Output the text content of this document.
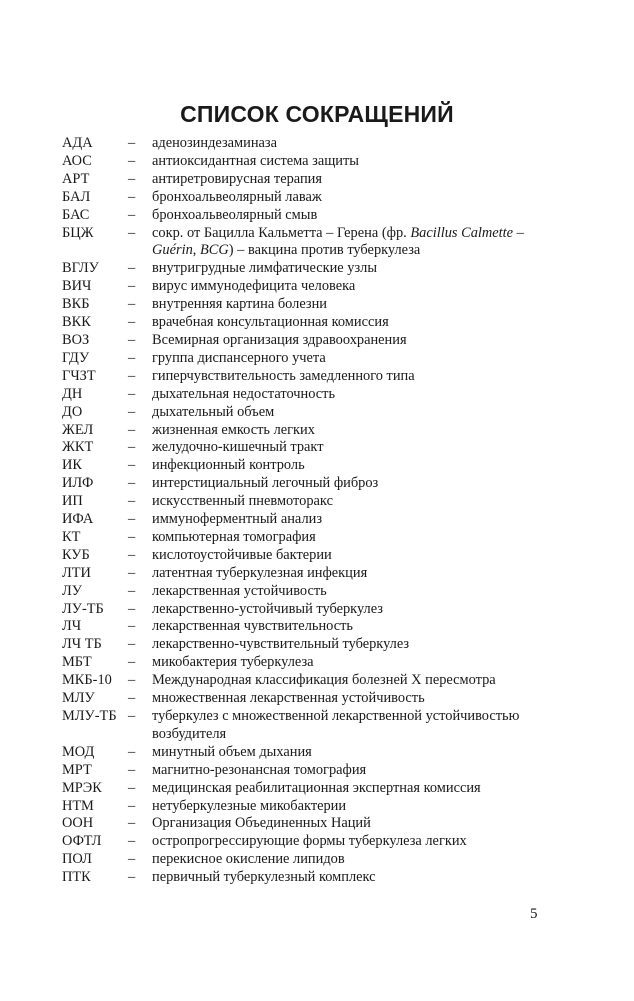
СПИСОК СОКРАЩЕНИЙ
АДА – аденозиндезаминаза
АОС	– антиоксидантная система защиты
АРТ	– антиретровирусная терапия
БАЛ	– бронхоальвеолярный лаваж
БАС	– бронхоальвеолярный смыв
БЦЖ – сокр. от Бацилла Кальметта – Герена (фр. Bacillus Calmette – Guérin, BCG) – вакцина против туберкулеза
ВГЛУ – внутригрудные лимфатические узлы
ВИЧ	– вирус иммунодефицита человека
ВКБ	– внутренняя картина болезни
ВКК	– врачебная консультационная комиссия
ВОЗ	– Всемирная организация здравоохранения
ГДУ	– группа диспансерного учета
ГЧЗТ – гиперчувствительность замедленного типа
ДН	– дыхательная недостаточность
ДО	– дыхательный объем
ЖЕЛ – жизненная емкость легких
ЖКТ – желудочно-кишечный тракт
ИК	– инфекционный контроль
ИЛФ – интерстициальный легочный фиброз
ИП	– искусственный пневмоторакс
ИФА – иммуноферментный анализ
КТ	– компьютерная томография
КУБ	– кислотоустойчивые бактерии
ЛТИ	– латентная туберкулезная инфекция
ЛУ	– лекарственная устойчивость
ЛУ-ТБ – лекарственно-устойчивый туберкулез
ЛЧ	– лекарственная чувствительность
ЛЧ ТБ – лекарственно-чувствительный туберкулез
МБТ	– микобактерия туберкулеза
МКБ-10 – Международная классификация болезней X пересмотра
МЛУ – множественная лекарственная устойчивость
МЛУ-ТБ – туберкулез с множественной лекарственной устойчивостью возбудителя
МОД – минутный объем дыхания
МРТ	– магнитно-резонансная томография
МРЭК – медицинская реабилитационная экспертная комиссия
НТМ – нетуберкулезные микобактерии
ООН – Организация Объединенных Наций
ОФТЛ – остропрогрессирующие формы туберкулеза легких
ПОЛ	– перекисное окисление липидов
ПТК	– первичный туберкулезный комплекс
5
